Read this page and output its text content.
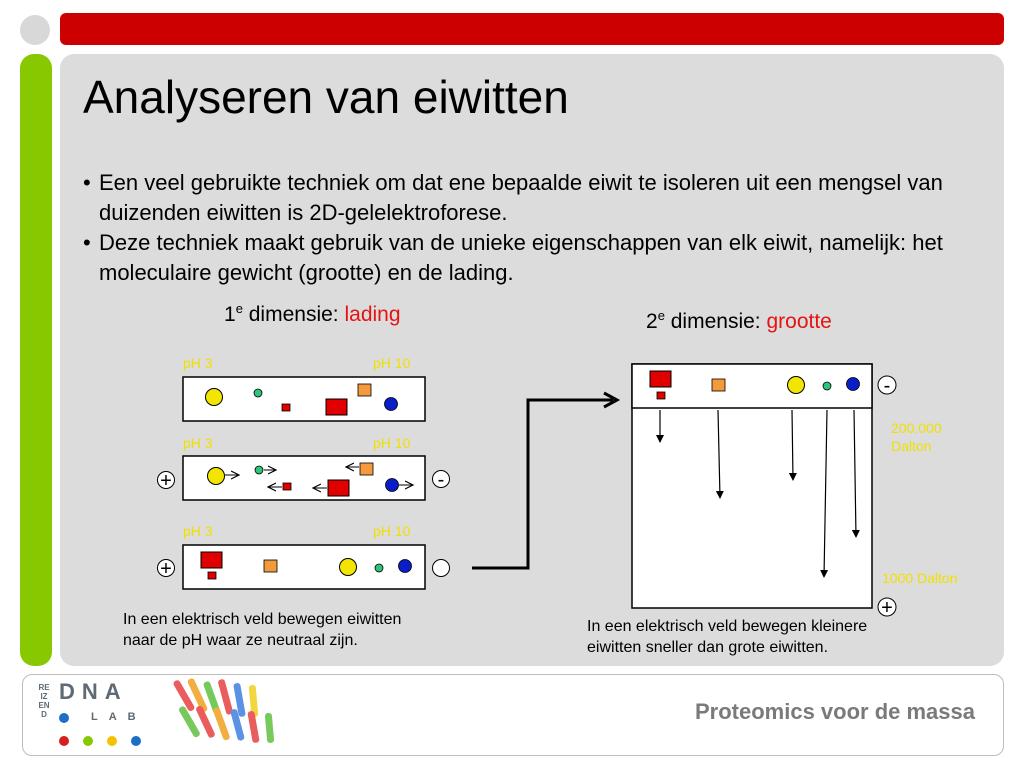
Analyseren van eiwitten
• Een veel gebruikte techniek om dat ene bepaalde eiwit te isoleren uit een mengsel van duizenden eiwitten is 2D-gelelektroforese.
• Deze techniek maakt gebruik van de unieke eigenschappen van elk eiwit, namelijk: het moleculaire gewicht (grootte) en de lading.
1e dimensie: lading	2e dimensie: grootte
pH 3	pH 10
pH 3	pH 10
+	-
pH 3	pH 10
+
-
+
200.000 Dalton
1000 Dalton
In een elektrisch veld bewegen eiwitten
naar de pH waar ze neutraal zijn.
In een elektrisch veld bewegen kleinere
eiwitten sneller dan grote eiwitten.
REIZEND
DNA
LAB	Proteomics voor de massa
